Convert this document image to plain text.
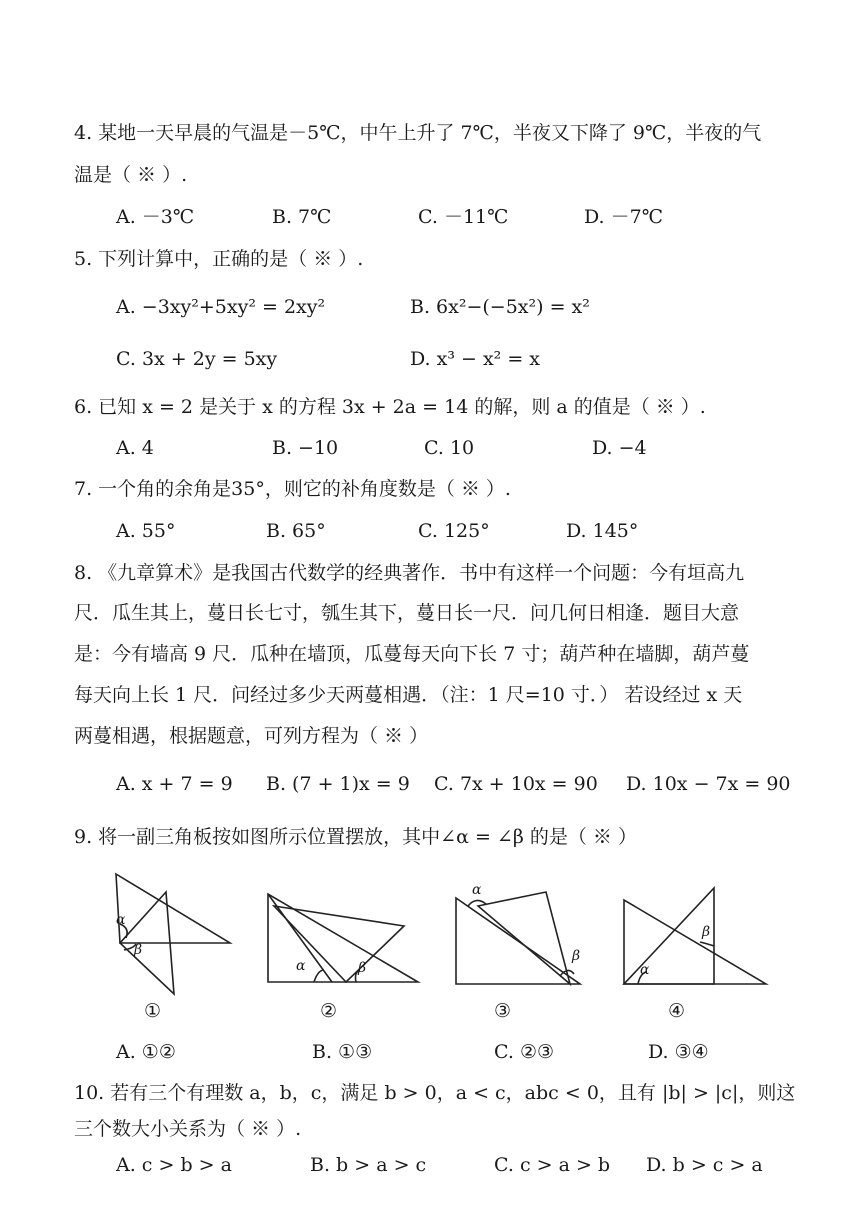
4. 某地一天早晨的气温是－5℃，中午上升了 7℃，半夜又下降了 9℃，半夜的气
温是（ ※ ）.
A. －3℃	B. 7℃	C. －11℃	D. －7℃
5. 下列计算中，正确的是（ ※ ）.
A. −3xy²+5xy² = 2xy²	B. 6x²−(−5x²) = x²
C. 3x + 2y = 5xy	D. x³ − x² = x
6. 已知 x = 2 是关于 x 的方程 3x + 2a = 14 的解，则 a 的值是（ ※ ）.
A. 4	B. −10	C. 10	D. −4
7. 一个角的余角是35°，则它的补角度数是（ ※ ）.
A. 55°	B. 65°	C. 125°	D. 145°
8. 《九章算术》是我国古代数学的经典著作．书中有这样一个问题：今有垣高九
尺．瓜生其上，蔓日长七寸，瓠生其下，蔓日长一尺．问几何日相逢．题目大意
是：今有墙高 9 尺．瓜种在墙顶，瓜蔓每天向下长 7 寸；葫芦种在墙脚，葫芦蔓
每天向上长 1 尺．问经过多少天两蔓相遇．（注：1 尺=10 寸．） 若设经过 x 天
两蔓相遇，根据题意，可列方程为（ ※ ）
A. x + 7 = 9 B. (7 + 1)x = 9 C. 7x + 10x = 90 D. 10x − 7x = 90
9. 将一副三角板按如图所示位置摆放，其中∠α = ∠β 的是（ ※ ）
α
β
①
α	β
②
α
β
③
α
β
④
A. ①②	B. ①③	C. ②③	D. ③④
10. 若有三个有理数 a，b，c，满足 b > 0，a < c，abc < 0，且有 |b| > |c|，则这
三个数大小关系为（ ※ ）.
A. c > b > a	B. b > a > c	C. c > a > b D. b > c > a
